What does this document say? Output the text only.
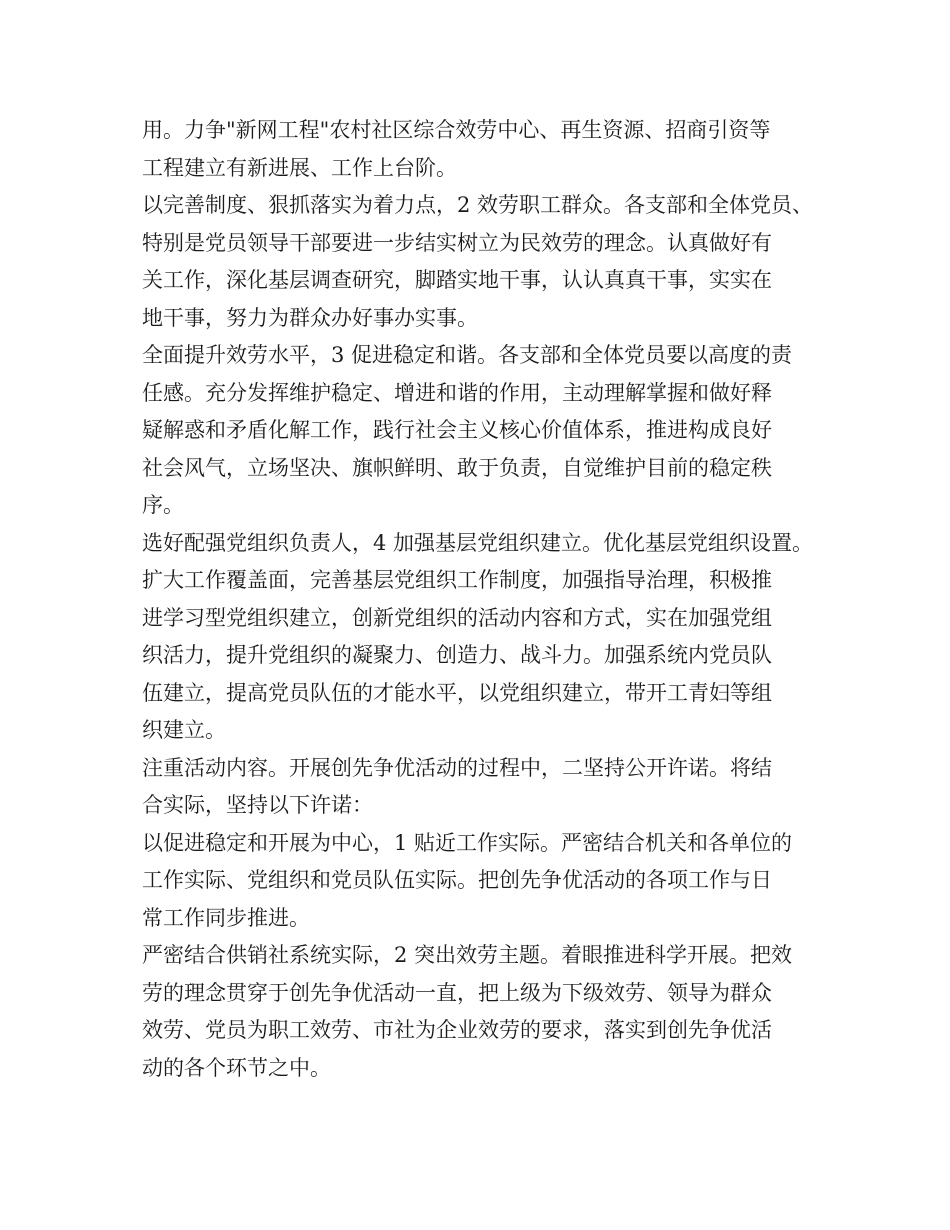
用。力争"新网工程"农村社区综合效劳中心、再生资源、招商引资等
工程建立有新进展、工作上台阶。
以完善制度、狠抓落实为着力点，2 效劳职工群众。各支部和全体党员、
特别是党员领导干部要进一步结实树立为民效劳的理念。认真做好有
关工作，深化基层调查研究，脚踏实地干事，认认真真干事，实实在
地干事，努力为群众办好事办实事。
全面提升效劳水平，3 促进稳定和谐。各支部和全体党员要以高度的责
任感。充分发挥维护稳定、增进和谐的作用，主动理解掌握和做好释
疑解惑和矛盾化解工作，践行社会主义核心价值体系，推进构成良好
社会风气，立场坚决、旗帜鲜明、敢于负责，自觉维护目前的稳定秩
序。
选好配强党组织负责人，4 加强基层党组织建立。优化基层党组织设置。
扩大工作覆盖面，完善基层党组织工作制度，加强指导治理，积极推
进学习型党组织建立，创新党组织的活动内容和方式，实在加强党组
织活力，提升党组织的凝聚力、创造力、战斗力。加强系统内党员队
伍建立，提高党员队伍的才能水平，以党组织建立，带开工青妇等组
织建立。
注重活动内容。开展创先争优活动的过程中，二坚持公开许诺。将结
合实际，坚持以下许诺：
以促进稳定和开展为中心，1 贴近工作实际。严密结合机关和各单位的
工作实际、党组织和党员队伍实际。把创先争优活动的各项工作与日
常工作同步推进。
严密结合供销社系统实际，2 突出效劳主题。着眼推进科学开展。把效
劳的理念贯穿于创先争优活动一直，把上级为下级效劳、领导为群众
效劳、党员为职工效劳、市社为企业效劳的要求，落实到创先争优活
动的各个环节之中。
